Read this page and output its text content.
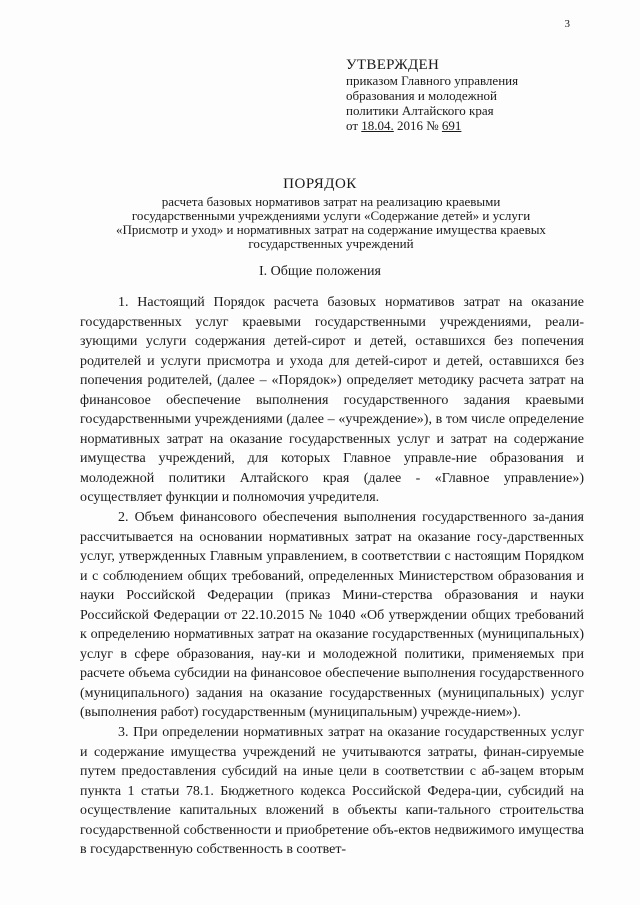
3
УТВЕРЖДЕН
приказом Главного управления
образования и молодежной
политики Алтайского края
от 18.04. 2016 № 691
ПОРЯДОК
расчета базовых нормативов затрат на реализацию краевыми
государственными учреждениями услуги «Содержание детей» и услуги
«Присмотр и уход» и нормативных затрат на содержание имущества краевых
государственных учреждений
I. Общие положения

1. Настоящий Порядок расчета базовых нормативов затрат на оказание государственных услуг краевыми государственными учреждениями, реали-зующими услуги содержания детей-сирот и детей, оставшихся без попечения родителей и услуги присмотра и ухода для детей-сирот и детей, оставшихся без попечения родителей, (далее – «Порядок») определяет методику расчета затрат на финансовое обеспечение выполнения государственного задания краевыми государственными учреждениями (далее – «учреждение»), в том числе определение нормативных затрат на оказание государственных услуг и затрат на содержание имущества учреждений, для которых Главное управле-ние образования и молодежной политики Алтайского края (далее - «Главное управление») осуществляет функции и полномочия учредителя.

2. Объем финансового обеспечения выполнения государственного за-дания рассчитывается на основании нормативных затрат на оказание госу-дарственных услуг, утвержденных Главным управлением, в соответствии с настоящим Порядком и с соблюдением общих требований, определенных Министерством образования и науки Российской Федерации (приказ Мини-стерства образования и науки Российской Федерации от 22.10.2015 № 1040 «Об утверждении общих требований к определению нормативных затрат на оказание государственных (муниципальных) услуг в сфере образования, нау-ки и молодежной политики, применяемых при расчете объема субсидии на финансовое обеспечение выполнения государственного (муниципального) задания на оказание государственных (муниципальных) услуг (выполнения работ) государственным (муниципальным) учрежде-нием»).

3. При определении нормативных затрат на оказание государственных услуг и содержание имущества учреждений не учитываются затраты, финан-сируемые путем предоставления субсидий на иные цели в соответствии с аб-зацем вторым пункта 1 статьи 78.1. Бюджетного кодекса Российской Федера-ции, субсидий на осуществление капитальных вложений в объекты капи-тального строительства государственной собственности и приобретение объ-ектов недвижимого имущества в государственную собственность в соответ-
